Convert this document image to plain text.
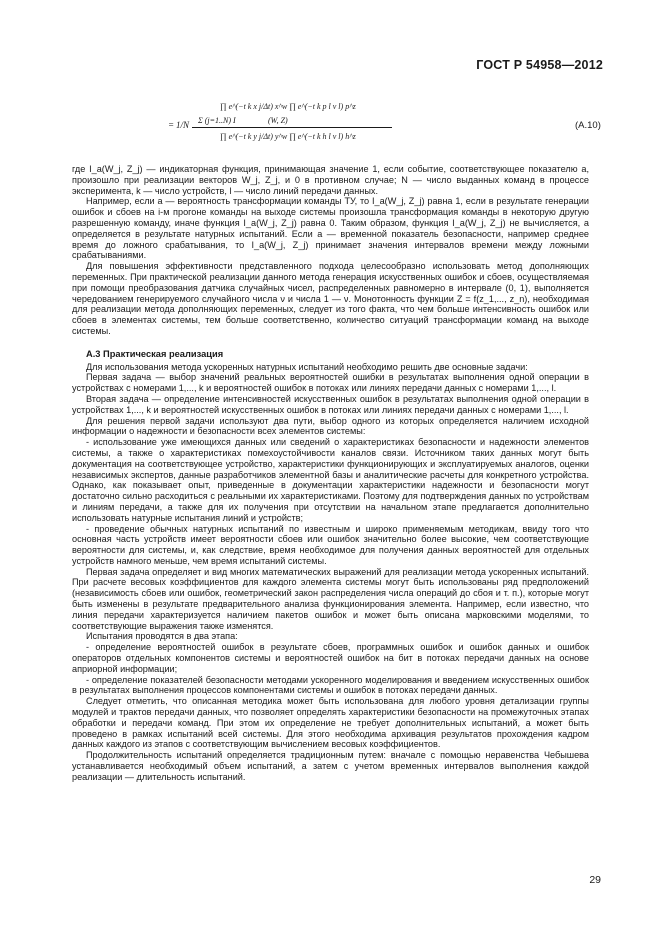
ГОСТ Р 54958—2012
= 1/N Σ (j=1..N) I	(W, Z)
∏ e^(−t k x j/Δt) x^w ∏ e^(−t k p l v l) p^z
∏ e^(−t k y j/Δt) y^w ∏ e^(−t k h l v l) h^z
(A.10)

где I_a(W_j, Z_j) — индикаторная функция, принимающая значение 1, если событие, соответствующее показателю a, произошло при реализации векторов W_j, Z_j, и 0 в противном случае; N — число выданных команд в процессе эксперимента, k — число устройств, l — число линий передачи данных.

Например, если a — вероятность трансформации команды ТУ, то I_a(W_j, Z_j) равна 1, если в результате генерации ошибок и сбоев на i-м прогоне команды на выходе системы произошла трансформация команды в некоторую другую разрешенную команду, иначе функция I_a(W_j, Z_j) равна 0. Таким образом, функция I_a(W_j, Z_j) не вычисляется, а определяется в результате натурных испытаний. Если a — временной показатель безопасности, например среднее время до ложного срабатывания, то I_a(W_j, Z_j) принимает значения интервалов времени между ложными срабатываниями.

Для повышения эффективности представленного подхода целесообразно использовать метод дополняющих переменных. При практической реализации данного метода генерация искусственных ошибок и сбоев, осуществляемая при помощи преобразования датчика случайных чисел, распределенных равномерно в интервале (0, 1), выполняется чередованием генерируемого случайного числа ν и числа 1 — ν. Монотонность функции Z = f(z_1,..., z_n), необходимая для реализации метода дополняющих переменных, следует из того факта, что чем больше интенсивность ошибок или сбоев в элементах системы, тем больше соответственно, количество ситуаций трансформации команд на выходе системы.

А.3 Практическая реализация

Для использования метода ускоренных натурных испытаний необходимо решить две основные задачи:

Первая задача — выбор значений реальных вероятностей ошибки в результатах выполнения одной операции в устройствах с номерами 1,..., k и вероятностей ошибок в потоках или линиях передачи данных с номерами 1,..., l.

Вторая задача — определение интенсивностей искусственных ошибок в результатах выполнения одной операции в устройствах 1,..., k и вероятностей искусственных ошибок в потоках или линиях передачи данных с номерами 1,..., l.

Для решения первой задачи используют два пути, выбор одного из которых определяется наличием исходной информации о надежности и безопасности всех элементов системы:

- использование уже имеющихся данных или сведений о характеристиках безопасности и надежности элементов системы, а также о характеристиках помехоустойчивости каналов связи. Источником таких данных могут быть документация на соответствующее устройство, характеристики функционирующих и эксплуатируемых аналогов, оценки независимых экспертов, данные разработчиков элементной базы и аналитические расчеты для конкретного устройства. Однако, как показывает опыт, приведенные в документации характеристики надежности и безопасности могут достаточно сильно расходиться с реальными их характеристиками. Поэтому для подтверждения данных по устройствам и линиям передачи, а также для их получения при отсутствии на начальном этапе предлагается дополнительно использовать натурные испытания линий и устройств;

- проведение обычных натурных испытаний по известным и широко применяемым методикам, ввиду того что основная часть устройств имеет вероятности сбоев или ошибок значительно более высокие, чем соответствующие вероятности для системы, и, как следствие, время необходимое для получения данных вероятностей для отдельных устройств намного меньше, чем время испытаний системы.

Первая задача определяет и вид многих математических выражений для реализации метода ускоренных испытаний. При расчете весовых коэффициентов для каждого элемента системы могут быть использованы ряд предположений (независимость сбоев или ошибок, геометрический закон распределения числа операций до сбоя и т. п.), которые могут быть изменены в результате предварительного анализа функционирования элемента. Например, если известно, что линия передачи характеризуется наличием пакетов ошибок и может быть описана марковскими моделями, то соответствующие выражения также изменятся.

Испытания проводятся в два этапа:

- определение вероятностей ошибок в результате сбоев, программных ошибок и ошибок данных и ошибок операторов отдельных компонентов системы и вероятностей ошибок на бит в потоках передачи данных на основе априорной информации;

- определение показателей безопасности методами ускоренного моделирования и введением искусственных ошибок в результатах выполнения процессов компонентами системы и ошибок в потоках передачи данных.

Следует отметить, что описанная методика может быть использована для любого уровня детализации группы модулей и трактов передачи данных, что позволяет определять характеристики безопасности на промежуточных этапах обработки и передачи команд. При этом их определение не требует дополнительных испытаний, а может быть проведено в рамках испытаний всей системы. Для этого необходима архивация результатов прохождения кадром данных каждого из этапов с соответствующим вычислением весовых коэффициентов.

Продолжительность испытаний определяется традиционным путем: вначале с помощью неравенства Чебышева устанавливается необходимый объем испытаний, а затем с учетом временных интервалов выполнения каждой реализации — длительность испытаний.

29
